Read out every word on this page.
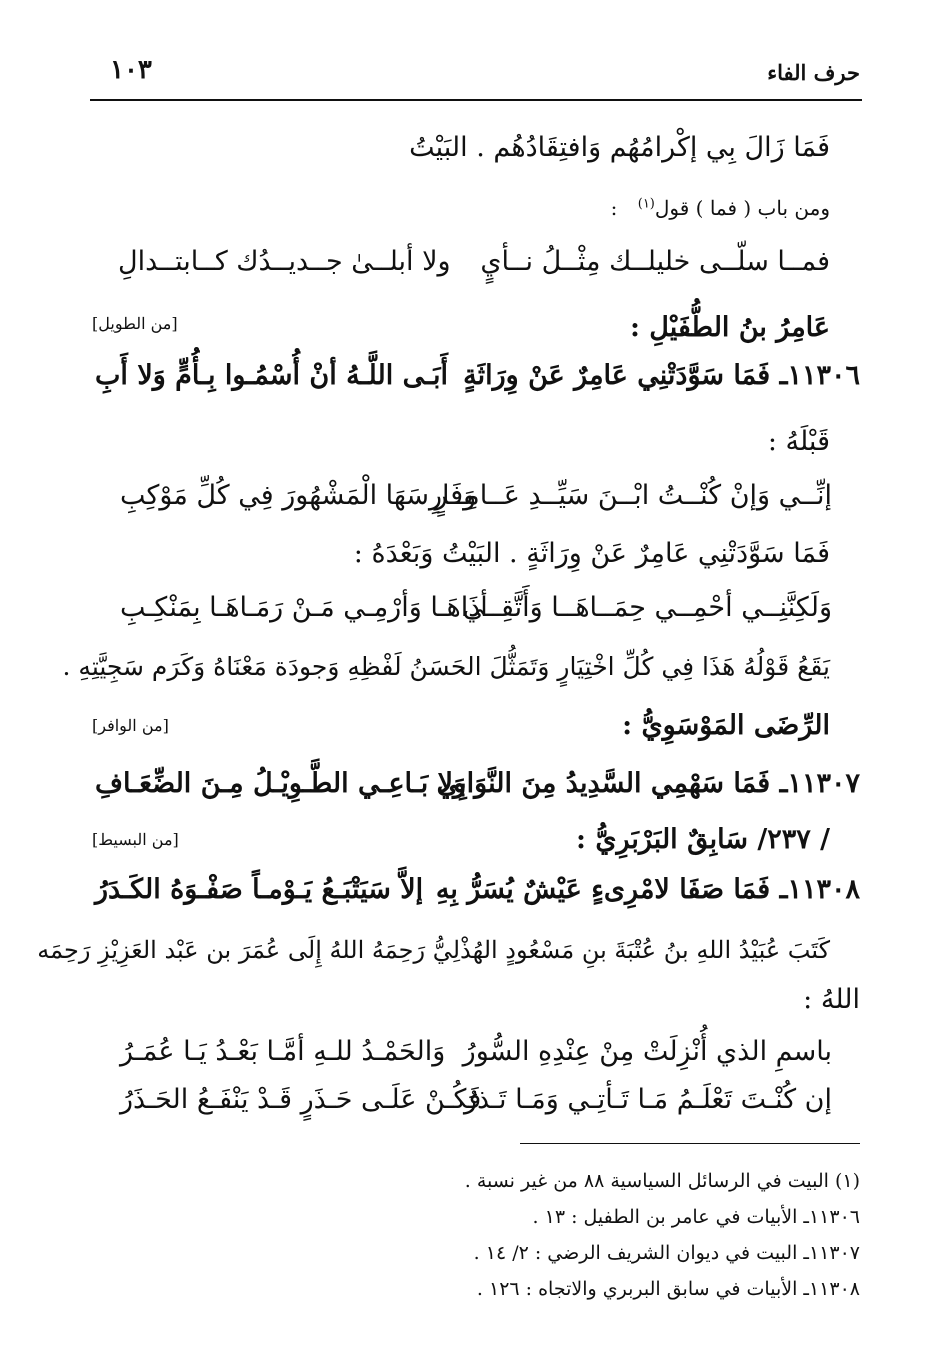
حرف الفاء
١٠٣
فَمَا زَالَ بِي إكْرامُهُم وَافتِقَادُهُم . البَيْتُ
ومن باب ( فما ) قول$^{(١)}$ :
فمــا سلّــى خليلــك مِثْــلُ نــأيٍ
ولا أبلــىٰ جــديــدُك كــابتــدالِ
عَامِرُ بنُ الطُّفَيْلِ :
[من الطويل]
١١٣٠٦ـ فَمَا سَوَّدَتْنِي عَامِرٌ عَنْ وِرَاثَةٍ
أَبَـى اللَّـهُ أنْ أُسْمُـوا بِـأُمٍّ وَلا أَبِ
قَبْلَهُ :
إنِّــي وَإنْ كُنْــتُ ابْــنَ سَيِّــدِ عَــامِــرٍ
وَفَارِسَهَا الْمَشْهُورَ فِي كُلِّ مَوْكِبِ
فَمَا سَوَّدَتْنِي عَامِرٌ عَنْ وِرَاثَةٍ . البَيْتُ وَبَعْدَهُ :
وَلَكِنَّنِــي أحْمِــي حِمَــاهَــا وَأَتَّقِــي
أذَاهَـا وَأرْمِـي مَـنْ رَمَـاهَـا بِمَنْكِـبِ
يَقَعُ قَوْلُهُ هَذَا فِي كُلِّ اخْتِيَارٍ وَتَمَثُّلَ الحَسَنُ لَفْظِهِ وَجودَة مَعْنَاهُ وَكَرَم سَجِيَّتِهِ .
الرِّضَى المَوْسَوِيُّ :
[من الوافر]
١١٣٠٧ـ فَمَا سَهْمِي السَّدِيدُ مِنَ النَّوَابِي
وَلا بَـاعِـي الطَّـوِيْـلُ مِـنَ الضِّعَـافِ
/ ٢٣٧/ سَابِقٌ البَرْبَرِيُّ :
[من البسيط]
١١٣٠٨ـ فَمَا صَفَا لامْرِىءٍ عَيْشٌ يُسَرُّ بِهِ
إلاَّ سَيَتْبَـعُ يَـوْمـاً صَفْـوَهُ الكَـدَرُ
كَتَبَ عُبَيْدُ اللهِ بنُ عُتْبَةَ بنِ مَسْعُودٍ الهُذْلِيُّ رَحِمَهُ اللهُ إِلَى عُمَرَ بن عَبْد العَزِيْزِ رَحِمَه
اللهُ :
باسمِ الذي أُنْزِلَتْ مِنْ عِنْدِهِ السُّورُ
وَالحَمْـدُ للـهِ أمَّـا بَعْـدُ يَـا عُمَـرُ
إن كُنْـتَ تَعْلَـمُ مَـا تَـأتِـي وَمَـا تَـذرُ
فَكُـنْ عَلَـى حَـذَرٍ قَـدْ يَنْفَـعُ الحَـذَرُ
(١) البيت في الرسائل السياسية ٨٨ من غير نسبة .
١١٣٠٦ـ الأبيات في عامر بن الطفيل : ١٣ .
١١٣٠٧ـ البيت في ديوان الشريف الرضي : ٢/ ١٤ .
١١٣٠٨ـ الأبيات في سابق البربري والاتجاه : ١٢٦ .
